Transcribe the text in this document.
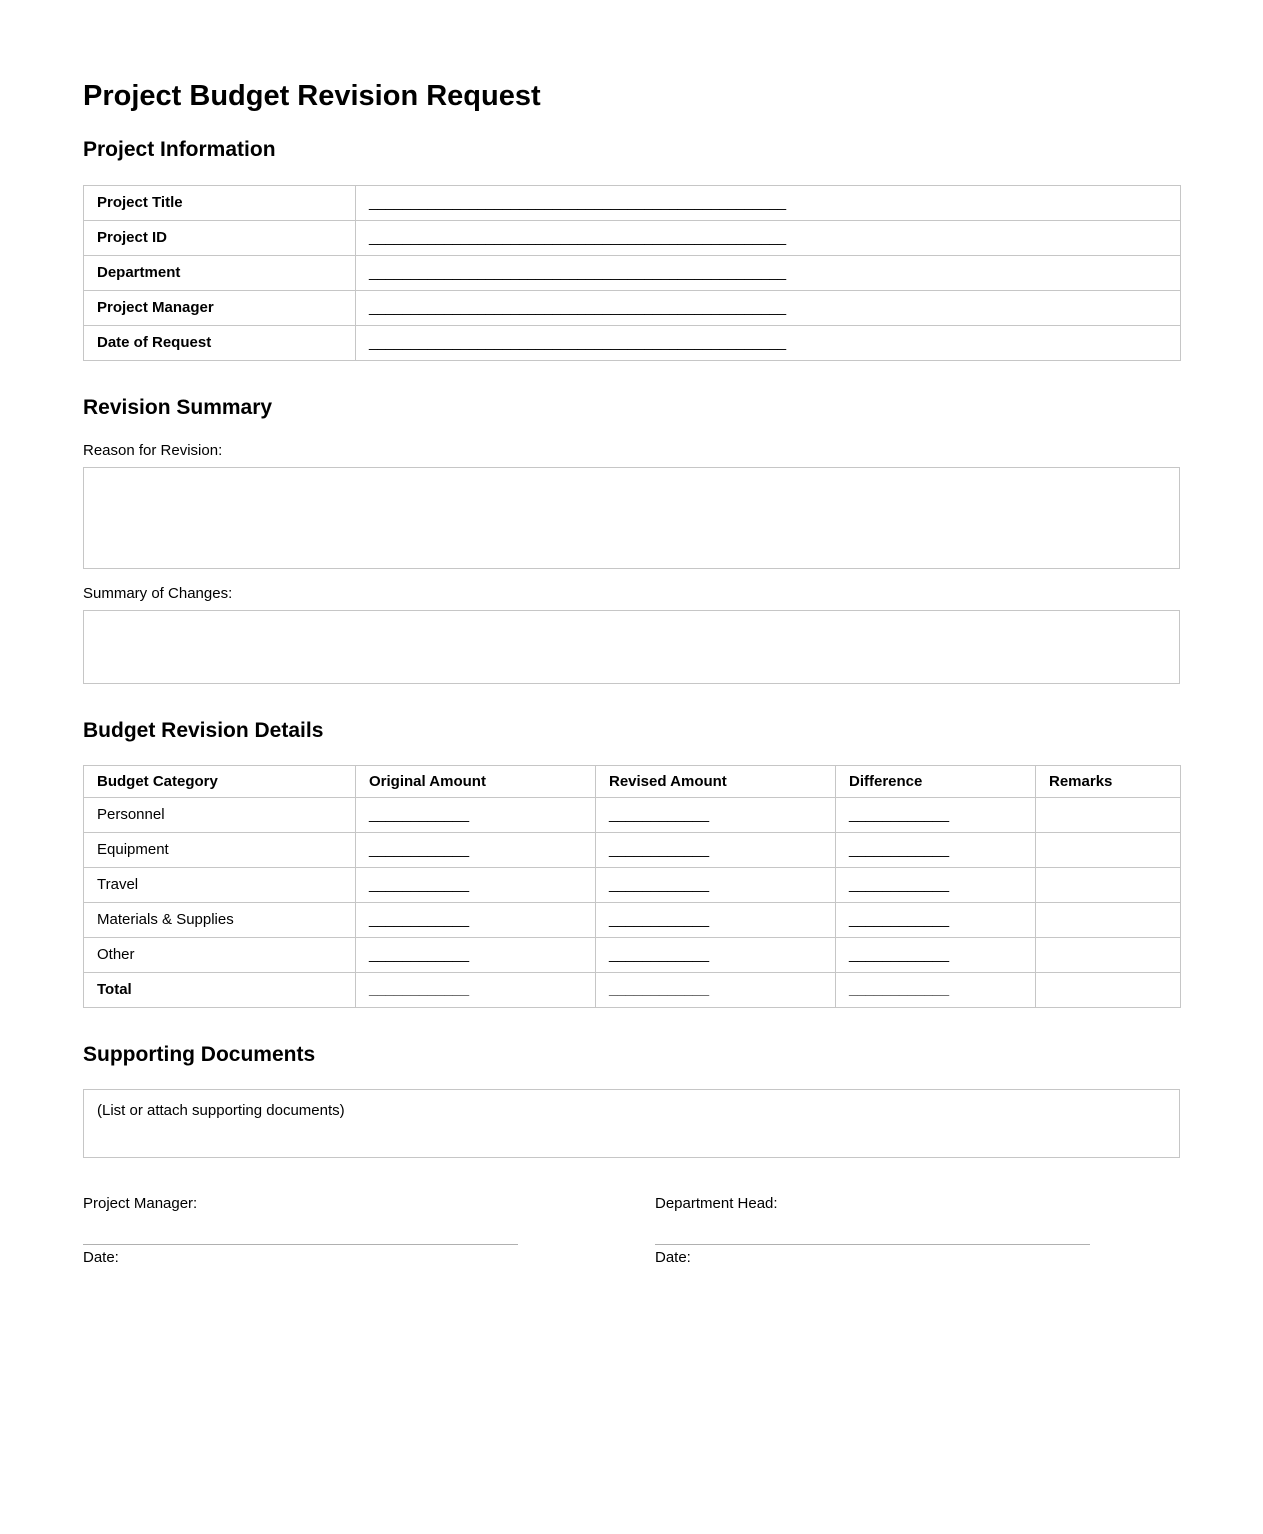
Project Budget Revision Request
Project Information
Project Title	__________________________________________________
Project ID	__________________________________________________
Department	__________________________________________________
Project Manager	__________________________________________________
Date of Request	__________________________________________________
Revision Summary

Reason for Revision:

Summary of Changes:

Budget Revision Details
Budget Category	Original Amount	Revised Amount	Difference	Remarks
Personnel	____________	____________	____________	
Equipment	____________	____________	____________	
Travel	____________	____________	____________	
Materials & Supplies	____________	____________	____________	
Other	____________	____________	____________	
Total	____________	____________	____________	
Supporting Documents
(List or attach supporting documents)
Project Manager:
Date:
Department Head:
Date:
